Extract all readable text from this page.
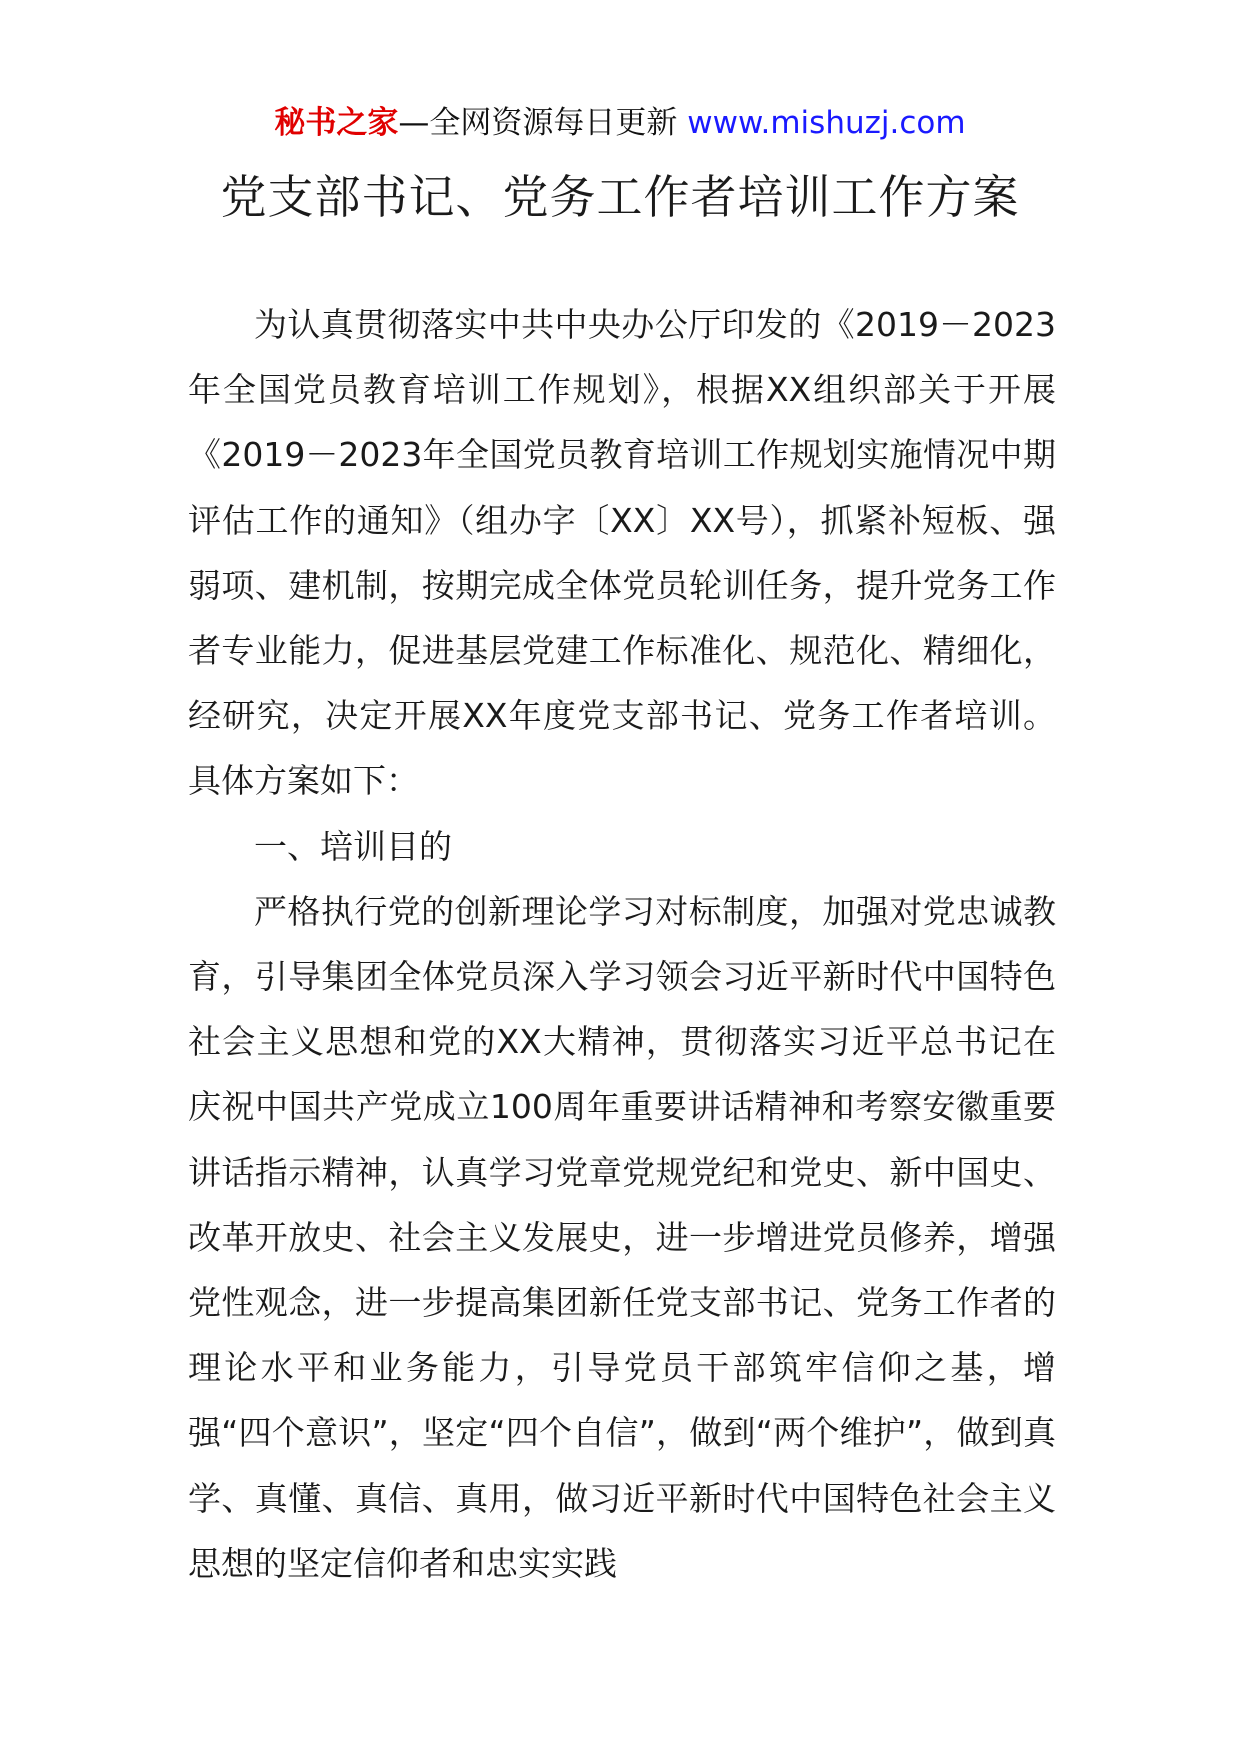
秘书之家—全网资源每日更新 www.mishuzj.com
党支部书记、党务工作者培训工作方案

为认真贯彻落实中共中央办公厅印发的《2019－2023年全国党员教育培训工作规划》，根据XX组织部关于开展《2019－2023年全国党员教育培训工作规划实施情况中期评估工作的通知》（组办字〔XX〕XX号），抓紧补短板、强弱项、建机制，按期完成全体党员轮训任务，提升党务工作者专业能力，促进基层党建工作标准化、规范化、精细化，经研究，决定开展XX年度党支部书记、党务工作者培训。具体方案如下：

一、培训目的

严格执行党的创新理论学习对标制度，加强对党忠诚教育，引导集团全体党员深入学习领会习近平新时代中国特色社会主义思想和党的XX大精神，贯彻落实习近平总书记在庆祝中国共产党成立100周年重要讲话精神和考察安徽重要讲话指示精神，认真学习党章党规党纪和党史、新中国史、改革开放史、社会主义发展史，进一步增进党员修养，增强党性观念，进一步提高集团新任党支部书记、党务工作者的理论水平和业务能力，引导党员干部筑牢信仰之基，增强“四个意识”，坚定“四个自信”，做到“两个维护”，做到真学、真懂、真信、真用，做习近平新时代中国特色社会主义思想的坚定信仰者和忠实实践
